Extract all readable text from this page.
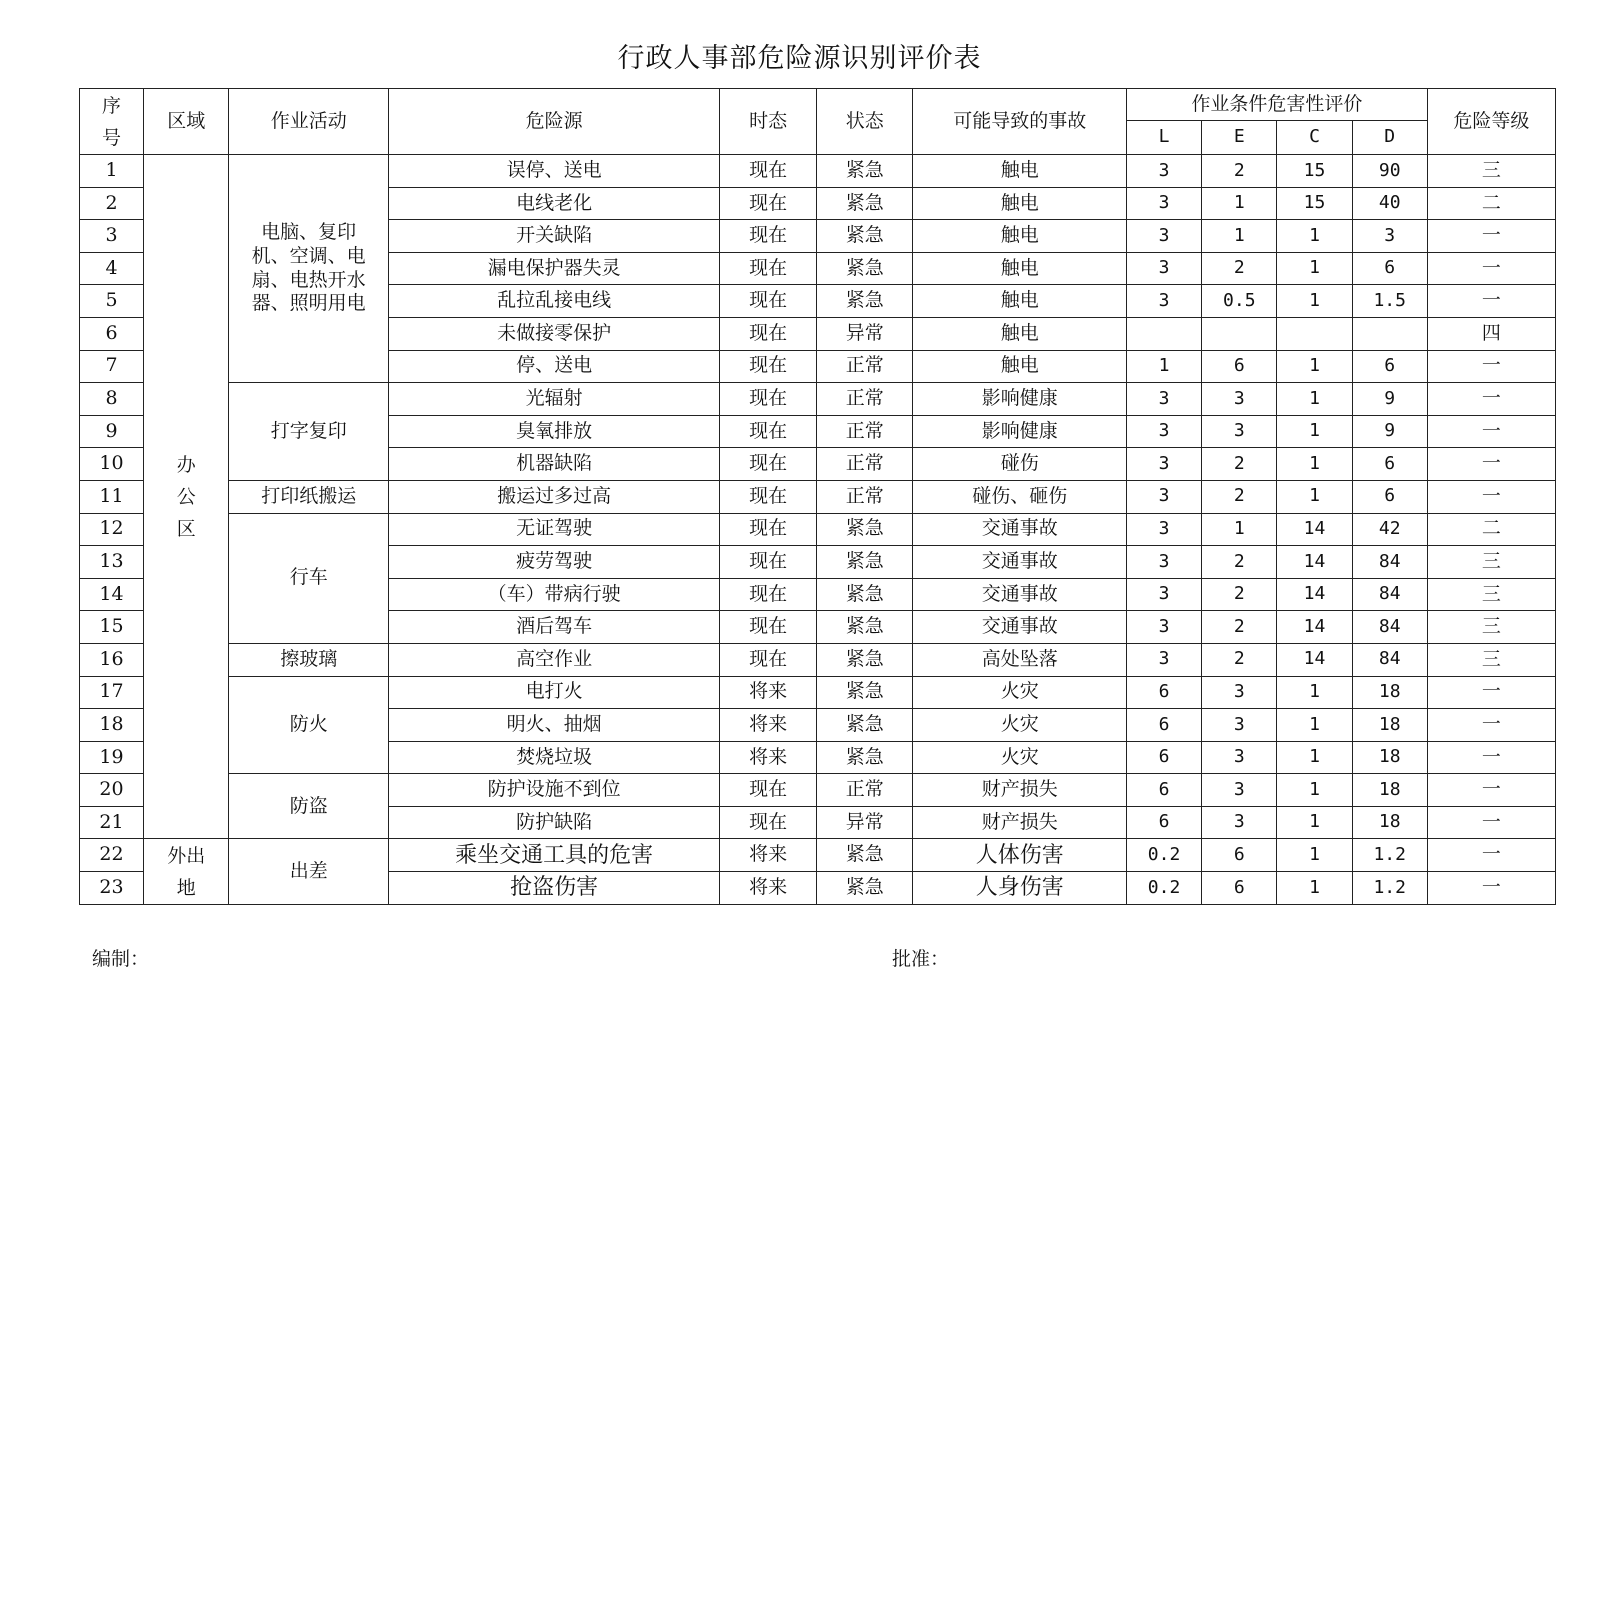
行政人事部危险源识别评价表
序号	区域	作业活动	危险源	时态	状态	可能导致的事故	作业条件危害性评价				危险等级
							L	E	C	D	
1	办公区	电脑、复印机、空调、电扇、电热开水器、照明用电	误停、送电	现在	紧急	触电	3	2	15	90	三
2			电线老化	现在	紧急	触电	3	1	15	40	二
3			开关缺陷	现在	紧急	触电	3	1	1	3	一
4			漏电保护器失灵	现在	紧急	触电	3	2	1	6	一
5			乱拉乱接电线	现在	紧急	触电	3	0.5	1	1.5	一
6			未做接零保护	现在	异常	触电					四
7			停、送电	现在	正常	触电	1	6	1	6	一
8		打字复印	光辐射	现在	正常	影响健康	3	3	1	9	一
9			臭氧排放	现在	正常	影响健康	3	3	1	9	一
10			机器缺陷	现在	正常	碰伤	3	2	1	6	一
11		打印纸搬运	搬运过多过高	现在	正常	碰伤、砸伤	3	2	1	6	一
12		行车	无证驾驶	现在	紧急	交通事故	3	1	14	42	二
13			疲劳驾驶	现在	紧急	交通事故	3	2	14	84	三
14			（车）带病行驶	现在	紧急	交通事故	3	2	14	84	三
15			酒后驾车	现在	紧急	交通事故	3	2	14	84	三
16		擦玻璃	高空作业	现在	紧急	高处坠落	3	2	14	84	三
17		防火	电打火	将来	紧急	火灾	6	3	1	18	一
18			明火、抽烟	将来	紧急	火灾	6	3	1	18	一
19			焚烧垃圾	将来	紧急	火灾	6	3	1	18	一
20		防盗	防护设施不到位	现在	正常	财产损失	6	3	1	18	一
21			防护缺陷	现在	异常	财产损失	6	3	1	18	一
22	外出地	出差	乘坐交通工具的危害	将来	紧急	人体伤害	0.2	6	1	1.2	一
23			抢盗伤害	将来	紧急	人身伤害	0.2	6	1	1.2	一
编制：	批准：
